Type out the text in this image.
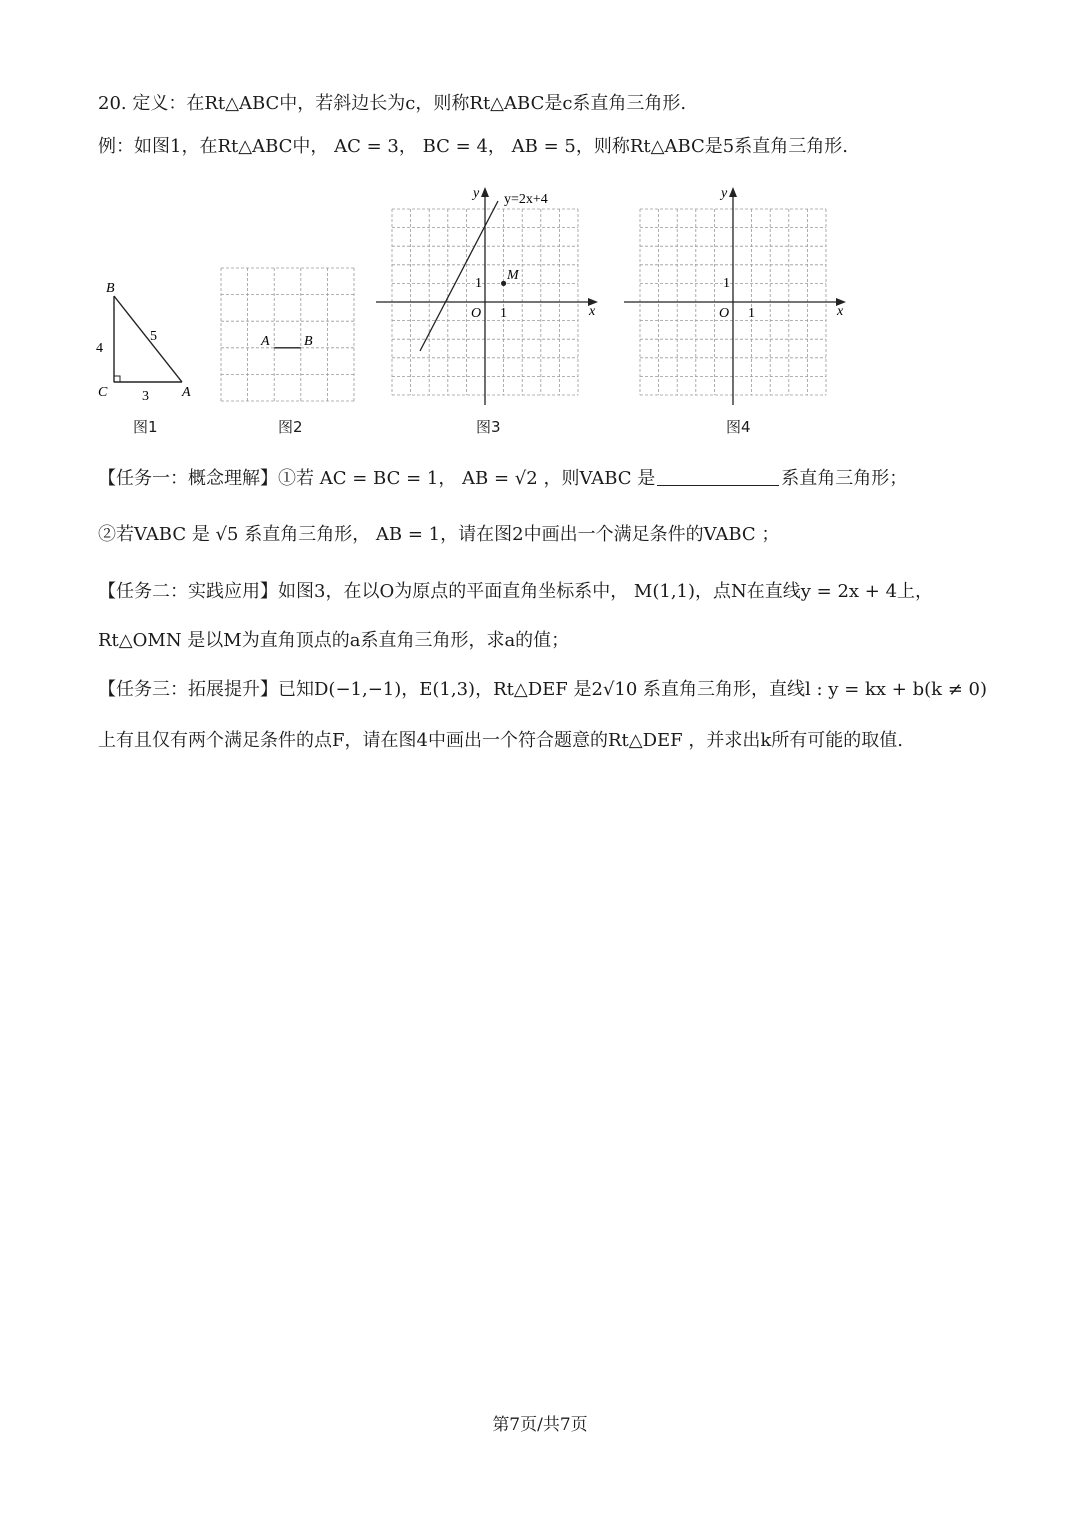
20. 定义：在Rt△ABC中，若斜边长为c，则称Rt△ABC是c系直角三角形.
例：如图1，在Rt△ABC中， AC = 3， BC = 4， AB = 5，则称Rt△ABC是5系直角三角形.
B
4
5
C 3 A
图1
A B
图2
y y=2x+4
M
1
O 1	x
图3
y
1
O 1	x
图4
【任务一：概念理解】①若 AC = BC = 1， AB = √2 ，则VABC 是	系直角三角形；
②若VABC 是 √5 系直角三角形， AB = 1，请在图2中画出一个满足条件的VABC ；
【任务二：实践应用】如图3，在以O为原点的平面直角坐标系中， M(1,1)，点N在直线y = 2x + 4上，
Rt△OMN 是以M为直角顶点的a系直角三角形，求a的值；
【任务三：拓展提升】已知D(−1,−1)，E(1,3)，Rt△DEF 是2√10 系直角三角形，直线l : y = kx + b(k ≠ 0)
上有且仅有两个满足条件的点F，请在图4中画出一个符合题意的Rt△DEF ，并求出k所有可能的取值.
第7页/共7页
